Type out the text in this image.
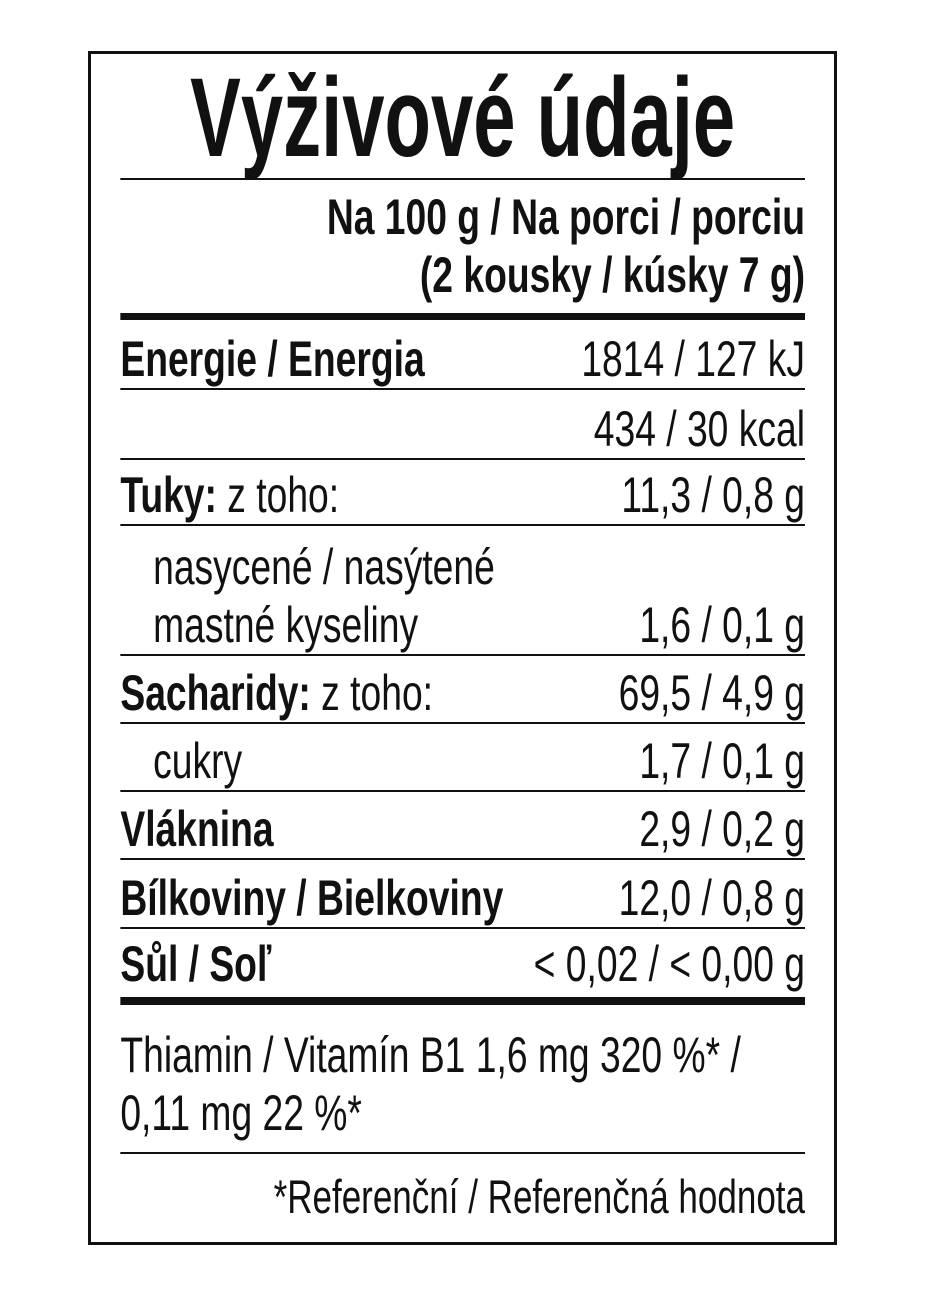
Výživové údaje
Na 100 g / Na porci / porciu
(2 kousky / kúsky 7 g)
Energie / Energia	1814 / 127 kJ
434 / 30 kcal
Tuky: z toho:	11,3 / 0,8 g
nasycené / nasýtené
mastné kyseliny	1,6 / 0,1 g
Sacharidy: z toho:	69,5 / 4,9 g
cukry	1,7 / 0,1 g
Vláknina	2,9 / 0,2 g
Bílkoviny / Bielkoviny 12,0 / 0,8 g
Sůl / Soľ	< 0,02 / < 0,00 g
Thiamin / Vitamín B1 1,6 mg 320 %* /
0,11 mg 22 %*
*Referenční / Referenčná hodnota
